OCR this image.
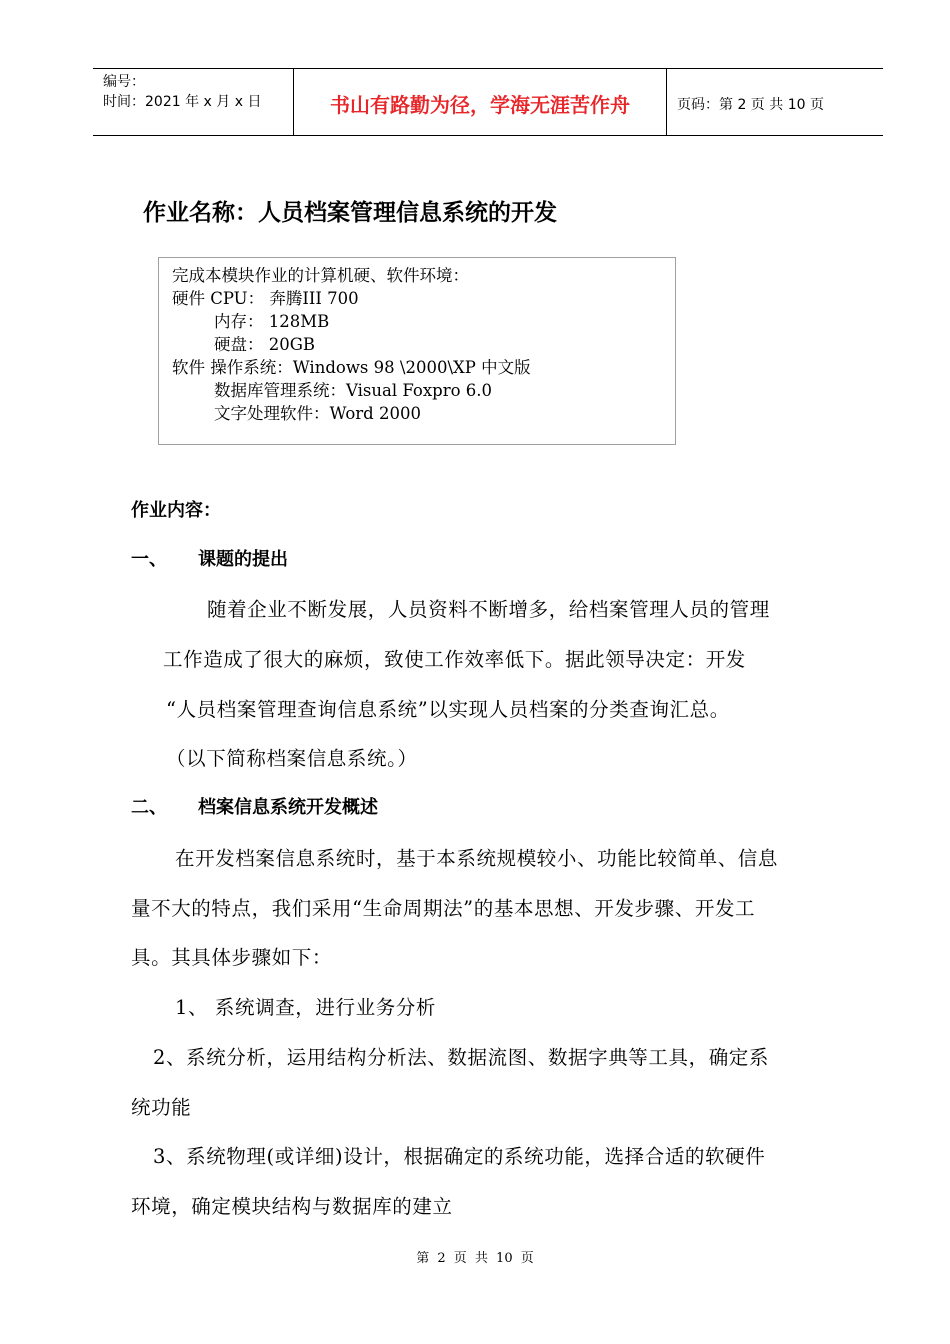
编号：
时间：2021 年 x 月 x 日	书山有路勤为径，学海无涯苦作舟	页码：第 2 页 共 10 页
作业名称：人员档案管理信息系统的开发
完成本模块作业的计算机硬、软件环境：
硬件 CPU： 奔腾III 700
内存： 128MB
硬盘： 20GB
软件 操作系统：Windows 98 \2000\XP 中文版
数据库管理系统：Visual Foxpro 6.0
文字处理软件：Word 2000
作业内容：
一、 课题的提出
随着企业不断发展，人员资料不断增多，给档案管理人员的管理
工作造成了很大的麻烦，致使工作效率低下。据此领导决定：开发
“人员档案管理查询信息系统”以实现人员档案的分类查询汇总。
（以下简称档案信息系统。）
二、 档案信息系统开发概述
在开发档案信息系统时，基于本系统规模较小、功能比较简单、信息
量不大的特点，我们采用“生命周期法”的基本思想、开发步骤、开发工
具。其具体步骤如下：
1、 系统调查，进行业务分析
2、系统分析，运用结构分析法、数据流图、数据字典等工具，确定系
统功能
3、系统物理(或详细)设计，根据确定的系统功能，选择合适的软硬件
环境，确定模块结构与数据库的建立
第 2 页 共 10 页
